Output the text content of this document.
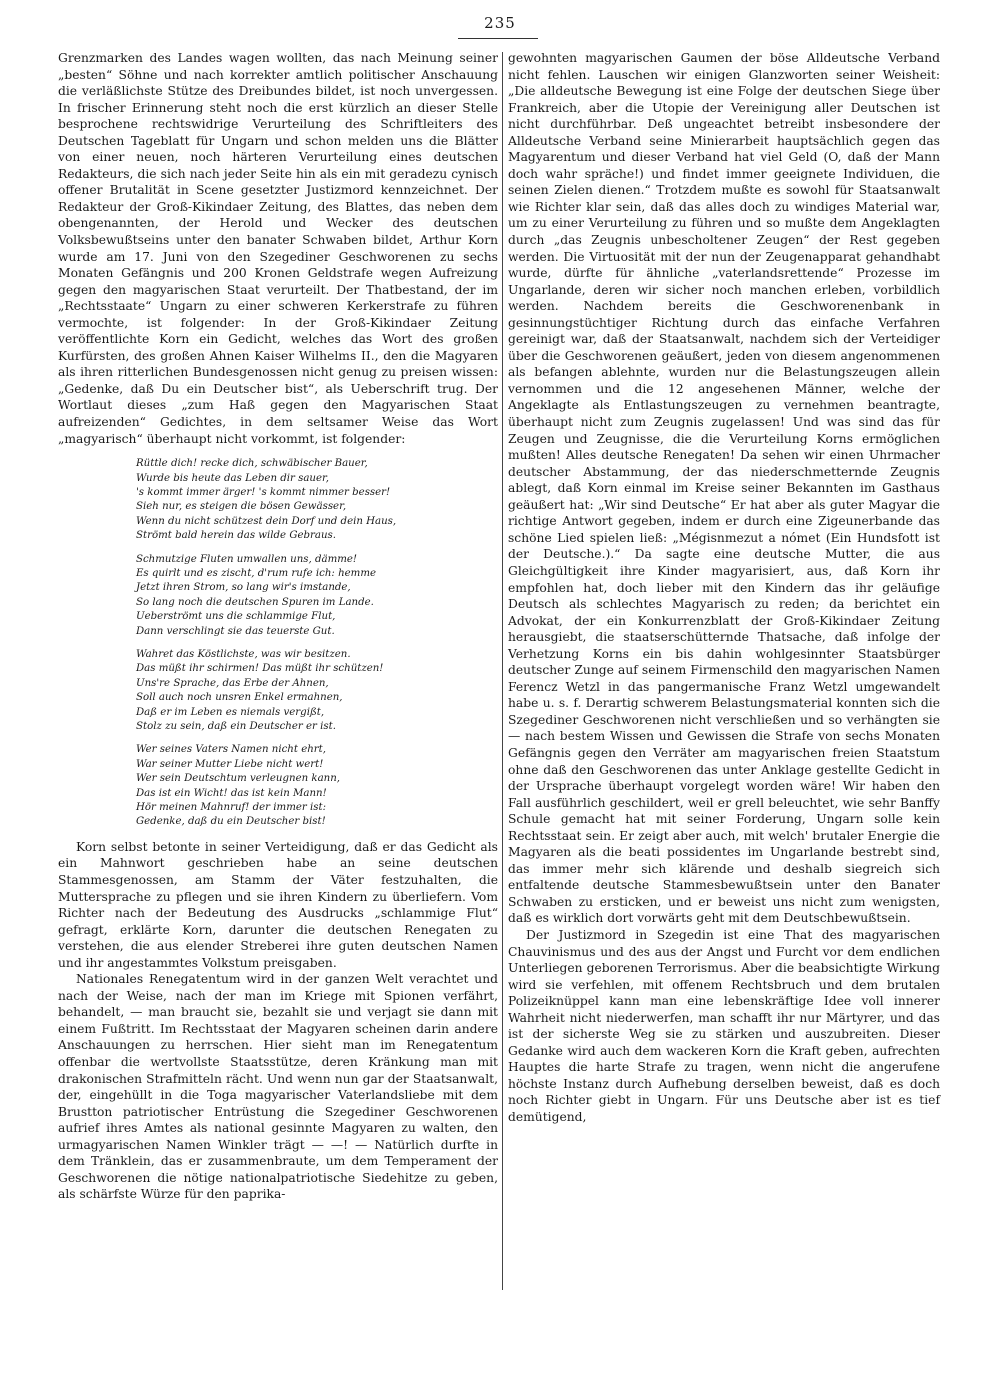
235

Grenzmarken des Landes wagen wollten, das nach Meinung seiner „besten“ Söhne und nach korrekter amtlich politischer Anschauung die verläßlichste Stütze des Dreibundes bildet, ist noch unvergessen. In frischer Erinnerung steht noch die erst kürzlich an dieser Stelle besprochene rechtswidrige Verurteilung des Schriftleiters des Deutschen Tageblatt für Ungarn und schon melden uns die Blätter von einer neuen, noch härteren Verurteilung eines deutschen Redakteurs, die sich nach jeder Seite hin als ein mit geradezu cynisch offener Brutalität in Scene gesetzter Justizmord kennzeichnet. Der Redakteur der Groß-Kikindaer Zeitung, des Blattes, das neben dem obengenannten, der Herold und Wecker des deutschen Volksbewußtseins unter den banater Schwaben bildet, Arthur Korn wurde am 17. Juni von den Szegediner Geschworenen zu sechs Monaten Gefängnis und 200 Kronen Geldstrafe wegen Aufreizung gegen den magyarischen Staat verurteilt. Der Thatbestand, der im „Rechtsstaate“ Ungarn zu einer schweren Kerkerstrafe zu führen vermochte, ist folgender: In der Groß-Kikindaer Zeitung veröffentlichte Korn ein Gedicht, welches das Wort des großen Kurfürsten, des großen Ahnen Kaiser Wilhelms II., den die Magyaren als ihren ritterlichen Bundesgenossen nicht genug zu preisen wissen: „Gedenke, daß Du ein Deutscher bist“, als Ueberschrift trug. Der Wortlaut dieses „zum Haß gegen den Magyarischen Staat aufreizenden“ Gedichtes, in dem seltsamer Weise das Wort „magyarisch“ überhaupt nicht vorkommt, ist folgender:

Rüttle dich! recke dich, schwäbischer Bauer,
Wurde bis heute das Leben dir sauer,
's kommt immer ärger! 's kommt nimmer besser!
Sieh nur, es steigen die bösen Gewässer,
Wenn du nicht schützest dein Dorf und dein Haus,
Strömt bald herein das wilde Gebraus.
Schmutzige Fluten umwallen uns, dämme!
Es quirlt und es zischt, d'rum rufe ich: hemme
Jetzt ihren Strom, so lang wir's imstande,
So lang noch die deutschen Spuren im Lande.
Ueberströmt uns die schlammige Flut,
Dann verschlingt sie das teuerste Gut.
Wahret das Köstlichste, was wir besitzen.
Das müßt ihr schirmen! Das müßt ihr schützen!
Uns're Sprache, das Erbe der Ahnen,
Soll auch noch unsren Enkel ermahnen,
Daß er im Leben es niemals vergißt,
Stolz zu sein, daß ein Deutscher er ist.
Wer seines Vaters Namen nicht ehrt,
War seiner Mutter Liebe nicht wert!
Wer sein Deutschtum verleugnen kann,
Das ist ein Wicht! das ist kein Mann!
Hör meinen Mahnruf! der immer ist:
Gedenke, daß du ein Deutscher bist!

Korn selbst betonte in seiner Verteidigung, daß er das Gedicht als ein Mahnwort geschrieben habe an seine deutschen Stammesgenossen, am Stamm der Väter festzuhalten, die Muttersprache zu pflegen und sie ihren Kindern zu überliefern. Vom Richter nach der Bedeutung des Ausdrucks „schlammige Flut“ gefragt, erklärte Korn, darunter die deutschen Renegaten zu verstehen, die aus elender Streberei ihre guten deutschen Namen und ihr angestammtes Volkstum preisgaben.

Nationales Renegatentum wird in der ganzen Welt verachtet und nach der Weise, nach der man im Kriege mit Spionen verfährt, behandelt, — man braucht sie, bezahlt sie und verjagt sie dann mit einem Fußtritt. Im Rechtsstaat der Magyaren scheinen darin andere Anschauungen zu herrschen. Hier sieht man im Renegatentum offenbar die wertvollste Staatsstütze, deren Kränkung man mit drakonischen Strafmitteln rächt. Und wenn nun gar der Staatsanwalt, der, eingehüllt in die Toga magyarischer Vaterlandsliebe mit dem Brustton patriotischer Entrüstung die Szegediner Geschworenen aufrief ihres Amtes als national gesinnte Magyaren zu walten, den urmagyarischen Namen Winkler trägt — —! — Natürlich durfte in dem Tränklein, das er zusammenbraute, um dem Temperament der Geschworenen die nötige nationalpatriotische Siedehitze zu geben, als schärfste Würze für den paprika-

gewohnten magyarischen Gaumen der böse Alldeutsche Verband nicht fehlen. Lauschen wir einigen Glanzworten seiner Weisheit: „Die alldeutsche Bewegung ist eine Folge der deutschen Siege über Frankreich, aber die Utopie der Vereinigung aller Deutschen ist nicht durchführbar. Deß ungeachtet betreibt insbesondere der Alldeutsche Verband seine Minierarbeit hauptsächlich gegen das Magyarentum und dieser Verband hat viel Geld (O, daß der Mann doch wahr spräche!) und findet immer geeignete Individuen, die seinen Zielen dienen.“ Trotzdem mußte es sowohl für Staatsanwalt wie Richter klar sein, daß das alles doch zu windiges Material war, um zu einer Verurteilung zu führen und so mußte dem Angeklagten durch „das Zeugnis unbescholtener Zeugen“ der Rest gegeben werden. Die Virtuosität mit der nun der Zeugenapparat gehandhabt wurde, dürfte für ähnliche „vaterlandsrettende“ Prozesse im Ungarlande, deren wir sicher noch manchen erleben, vorbildlich werden. Nachdem bereits die Geschworenenbank in gesinnungstüchtiger Richtung durch das einfache Verfahren gereinigt war, daß der Staatsanwalt, nachdem sich der Verteidiger über die Geschworenen geäußert, jeden von diesem angenommenen als befangen ablehnte, wurden nur die Belastungszeugen allein vernommen und die 12 angesehenen Männer, welche der Angeklagte als Entlastungszeugen zu vernehmen beantragte, überhaupt nicht zum Zeugnis zugelassen! Und was sind das für Zeugen und Zeugnisse, die die Verurteilung Korns ermöglichen mußten! Alles deutsche Renegaten! Da sehen wir einen Uhrmacher deutscher Abstammung, der das niederschmetternde Zeugnis ablegt, daß Korn einmal im Kreise seiner Bekannten im Gasthaus geäußert hat: „Wir sind Deutsche“ Er hat aber als guter Magyar die richtige Antwort gegeben, indem er durch eine Zigeunerbande das schöne Lied spielen ließ: „Mégisnmezut a nómet (Ein Hundsfott ist der Deutsche.).“ Da sagte eine deutsche Mutter, die aus Gleichgültigkeit ihre Kinder magyarisiert, aus, daß Korn ihr empfohlen hat, doch lieber mit den Kindern das ihr geläufige Deutsch als schlechtes Magyarisch zu reden; da berichtet ein Advokat, der ein Konkurrenzblatt der Groß-Kikindaer Zeitung herausgiebt, die staatserschütternde Thatsache, daß infolge der Verhetzung Korns ein bis dahin wohlgesinnter Staatsbürger deutscher Zunge auf seinem Firmenschild den magyarischen Namen Ferencz Wetzl in das pangermanische Franz Wetzl umgewandelt habe u. s. f. Derartig schwerem Belastungsmaterial konnten sich die Szegediner Geschworenen nicht verschließen und so verhängten sie — nach bestem Wissen und Gewissen die Strafe von sechs Monaten Gefängnis gegen den Verräter am magyarischen freien Staatstum ohne daß den Geschworenen das unter Anklage gestellte Gedicht in der Ursprache überhaupt vorgelegt worden wäre! Wir haben den Fall ausführlich geschildert, weil er grell beleuchtet, wie sehr Banffy Schule gemacht hat mit seiner Forderung, Ungarn solle kein Rechtsstaat sein. Er zeigt aber auch, mit welch' brutaler Energie die Magyaren als die beati possidentes im Ungarlande bestrebt sind, das immer mehr sich klärende und deshalb siegreich sich entfaltende deutsche Stammesbewußtsein unter den Banater Schwaben zu ersticken, und er beweist uns nicht zum wenigsten, daß es wirklich dort vorwärts geht mit dem Deutschbewußtsein.

Der Justizmord in Szegedin ist eine That des magyarischen Chauvinismus und des aus der Angst und Furcht vor dem endlichen Unterliegen geborenen Terrorismus. Aber die beabsichtigte Wirkung wird sie verfehlen, mit offenem Rechtsbruch und dem brutalen Polizeiknüppel kann man eine lebenskräftige Idee voll innerer Wahrheit nicht niederwerfen, man schafft ihr nur Märtyrer, und das ist der sicherste Weg sie zu stärken und auszubreiten. Dieser Gedanke wird auch dem wackeren Korn die Kraft geben, aufrechten Hauptes die harte Strafe zu tragen, wenn nicht die angerufene höchste Instanz durch Aufhebung derselben beweist, daß es doch noch Richter giebt in Ungarn. Für uns Deutsche aber ist es tief demütigend,
